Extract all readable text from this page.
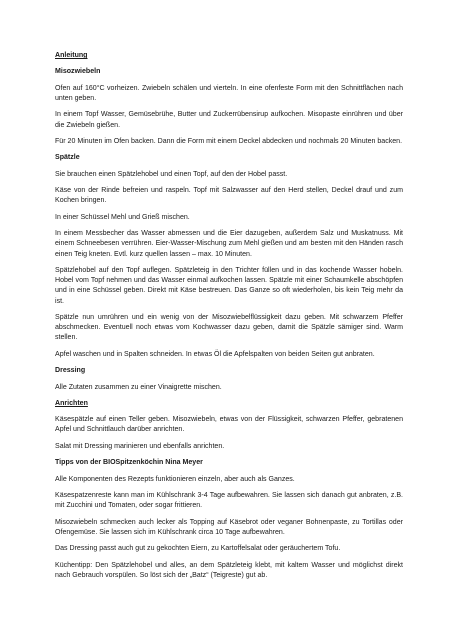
Anleitung
Misozwiebeln

Ofen auf 160°C vorheizen. Zwiebeln schälen und vierteln. In eine ofenfeste Form mit den Schnittflächen nach unten geben.

In einem Topf Wasser, Gemüsebrühe, Butter und Zuckerrübensirup aufkochen. Misopaste einrühren und über die Zwiebeln gießen.

Für 20 Minuten im Ofen backen. Dann die Form mit einem Deckel abdecken und nochmals 20 Minuten backen.

Spätzle

Sie brauchen einen Spätzlehobel und einen Topf, auf den der Hobel passt.

Käse von der Rinde befreien und raspeln. Topf mit Salzwasser auf den Herd stellen, Deckel drauf und zum Kochen bringen.

In einer Schüssel Mehl und Grieß mischen.

In einem Messbecher das Wasser abmessen und die Eier dazugeben, außerdem Salz und Muskatnuss. Mit einem Schneebesen verrühren. Eier-Wasser-Mischung zum Mehl gießen und am besten mit den Händen rasch einen Teig kneten. Evtl. kurz quellen lassen – max. 10 Minuten.

Spätzlehobel auf den Topf auflegen. Spätzleteig in den Trichter füllen und in das kochende Wasser hobeln. Hobel vom Topf nehmen und das Wasser einmal aufkochen lassen. Spätzle mit einer Schaumkelle abschöpfen und in eine Schüssel geben. Direkt mit Käse bestreuen. Das Ganze so oft wiederholen, bis kein Teig mehr da ist.

Spätzle nun umrühren und ein wenig von der Misozwiebelflüssigkeit dazu geben. Mit schwarzem Pfeffer abschmecken. Eventuell noch etwas vom Kochwasser dazu geben, damit die Spätzle sämiger sind. Warm stellen.

Apfel waschen und in Spalten schneiden. In etwas Öl die Apfelspalten von beiden Seiten gut anbraten.

Dressing

Alle Zutaten zusammen zu einer Vinaigrette mischen.

Anrichten

Käsespätzle auf einen Teller geben. Misozwiebeln, etwas von der Flüssigkeit, schwarzen Pfeffer, gebratenen Apfel und Schnittlauch darüber anrichten.

Salat mit Dressing marinieren und ebenfalls anrichten.

Tipps von der BIOSpitzenköchin Nina Meyer

Alle Komponenten des Rezepts funktionieren einzeln, aber auch als Ganzes.

Käsespatzenreste kann man im Kühlschrank 3-4 Tage aufbewahren. Sie lassen sich danach gut anbraten, z.B. mit Zucchini und Tomaten, oder sogar frittieren.

Misozwiebeln schmecken auch lecker als Topping auf Käsebrot oder veganer Bohnenpaste, zu Tortillas oder Ofengemüse. Sie lassen sich im Kühlschrank circa 10 Tage aufbewahren.

Das Dressing passt auch gut zu gekochten Eiern, zu Kartoffelsalat oder geräuchertem Tofu.

Küchentipp: Den Spätzlehobel und alles, an dem Spätzleteig klebt, mit kaltem Wasser und möglichst direkt nach Gebrauch vorspülen. So löst sich der „Batz“ (Teigreste) gut ab.
